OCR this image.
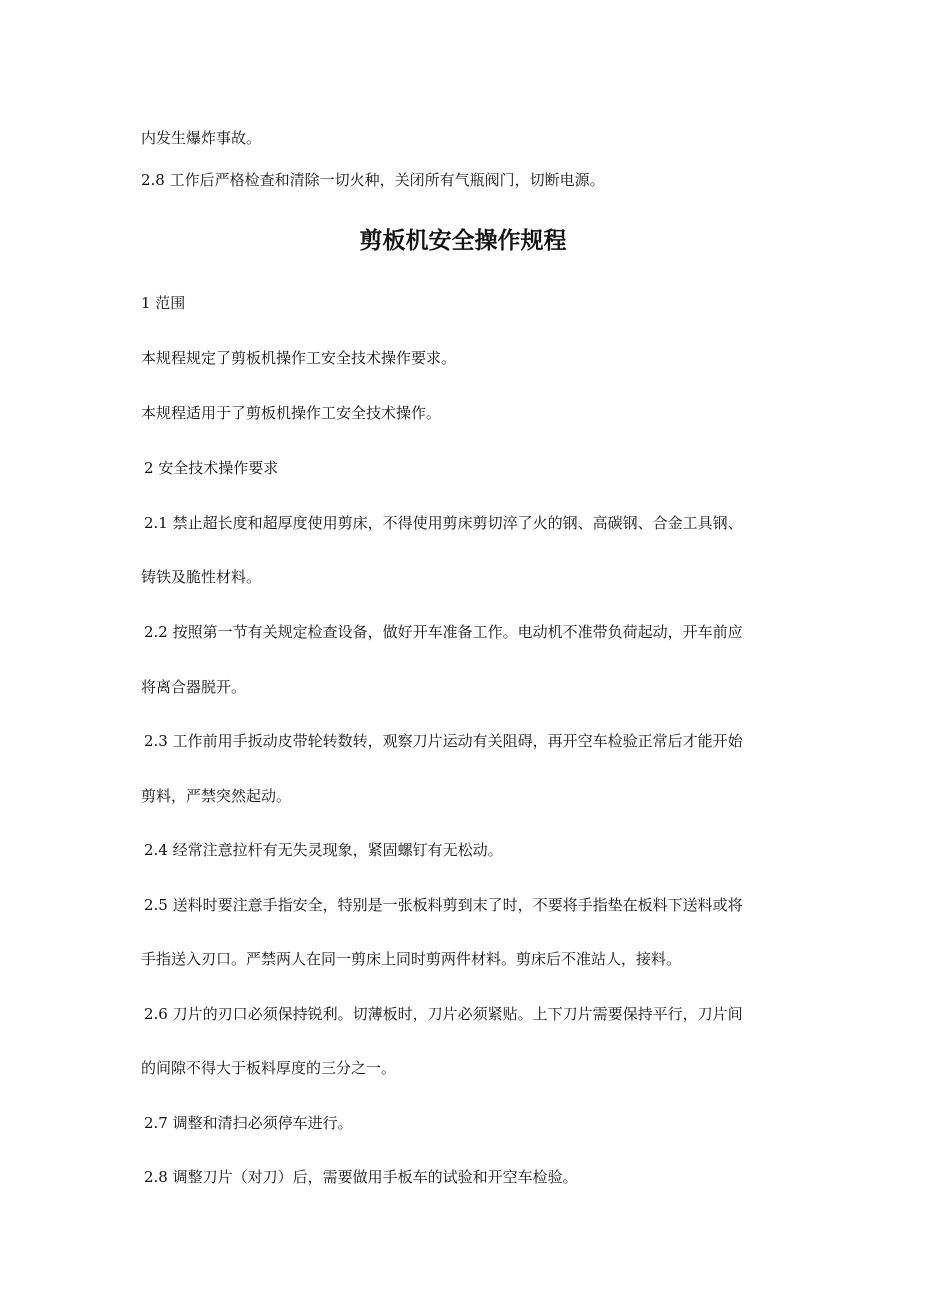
内发生爆炸事故。
2.8 工作后严格检查和清除一切火种，关闭所有气瓶阀门，切断电源。
剪板机安全操作规程
1 范围
本规程规定了剪板机操作工安全技术操作要求。
本规程适用于了剪板机操作工安全技术操作。
2 安全技术操作要求
2.1 禁止超长度和超厚度使用剪床，不得使用剪床剪切淬了火的钢、高碳钢、合金工具钢、
铸铁及脆性材料。
2.2 按照第一节有关规定检查设备，做好开车准备工作。电动机不准带负荷起动，开车前应
将离合器脱开。
2.3 工作前用手扳动皮带轮转数转，观察刀片运动有关阻碍，再开空车检验正常后才能开始
剪料，严禁突然起动。
2.4 经常注意拉杆有无失灵现象，紧固螺钉有无松动。
2.5 送料时要注意手指安全，特别是一张板料剪到末了时，不要将手指垫在板料下送料或将
手指送入刃口。严禁两人在同一剪床上同时剪两件材料。剪床后不准站人，接料。
2.6 刀片的刃口必须保持锐利。切薄板时，刀片必须紧贴。上下刀片需要保持平行，刀片间
的间隙不得大于板料厚度的三分之一。
2.7 调整和清扫必须停车进行。
2.8 调整刀片（对刀）后，需要做用手板车的试验和开空车检验。
